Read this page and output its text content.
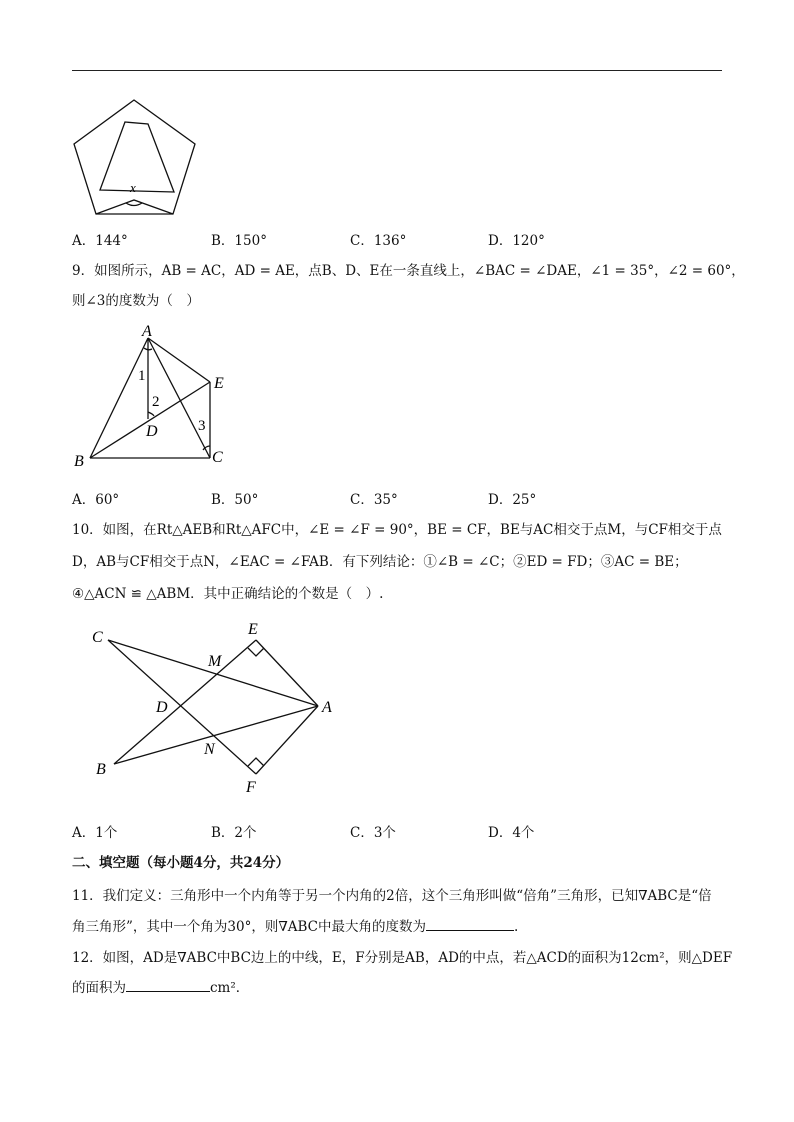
x
A．144°	B．150°	C．136°	D．120°
9．如图所示，AB = AC，AD = AE，点B、D、E在一条直线上，∠BAC = ∠DAE，∠1 = 35°，∠2 = 60°，
则∠3的度数为（　）
A
B	C
D
E
1
2
3
A．60°	B．50°	C．35°	D．25°
10．如图，在Rt△AEB和Rt△AFC中，∠E = ∠F = 90°，BE = CF，BE与AC相交于点M，与CF相交于点
D，AB与CF相交于点N，∠EAC = ∠FAB．有下列结论：①∠B = ∠C；②ED = FD；③AC = BE；
④△ACN ≌ △ABM．其中正确结论的个数是（　）.
C	E
M
D	A
N
B
F
A．1个	B．2个	C．3个	D．4个
二、填空题（每小题4分，共24分）
11．我们定义：三角形中一个内角等于另一个内角的2倍，这个三角形叫做“倍角”三角形，已知∇ABC是“倍
角三角形”，其中一个角为30°，则∇ABC中最大角的度数为	.
12．如图，AD是∇ABC中BC边上的中线，E，F分别是AB，AD的中点，若△ACD的面积为12cm²，则△DEF
的面积为	cm²．
